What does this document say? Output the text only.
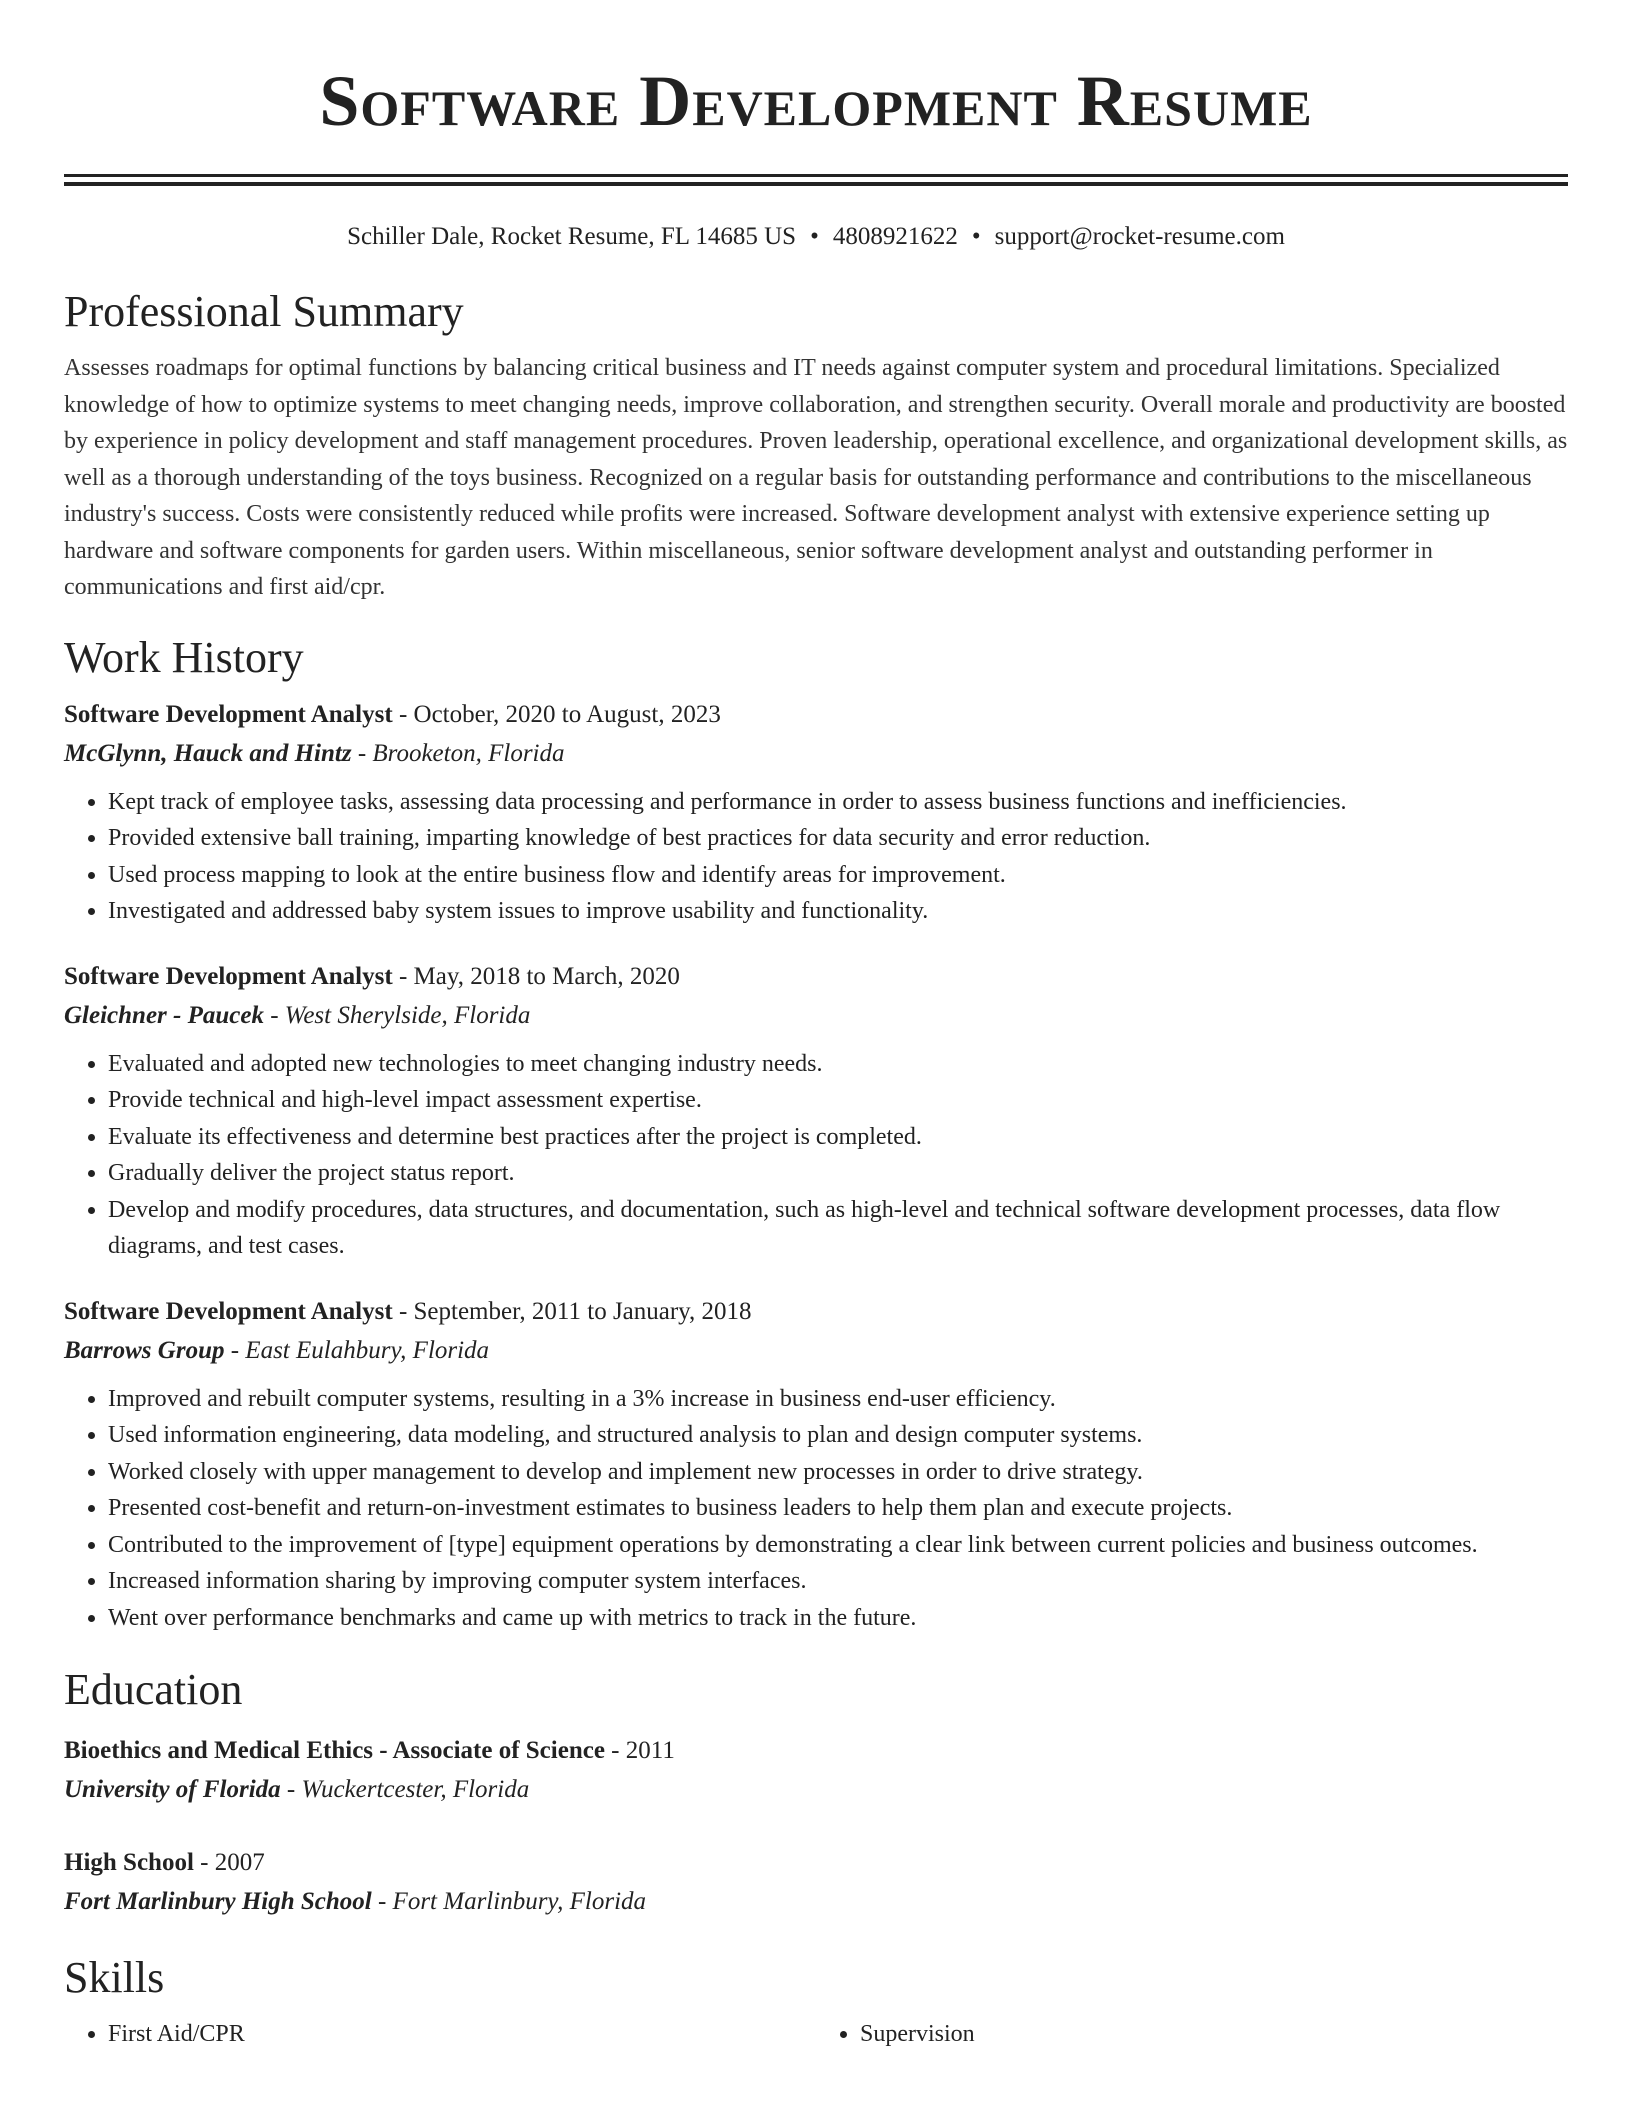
Software Development Resume
Schiller Dale, Rocket Resume, FL 14685 US • 4808921622 • support@rocket-resume.com
Professional Summary

Assesses roadmaps for optimal functions by balancing critical business and IT needs against computer system and procedural limitations. Specialized knowledge of how to optimize systems to meet changing needs, improve collaboration, and strengthen security. Overall morale and productivity are boosted by experience in policy development and staff management procedures. Proven leadership, operational excellence, and organizational development skills, as well as a thorough understanding of the toys business. Recognized on a regular basis for outstanding performance and contributions to the miscellaneous industry's success. Costs were consistently reduced while profits were increased. Software development analyst with extensive experience setting up hardware and software components for garden users. Within miscellaneous, senior software development analyst and outstanding performer in communications and first aid/cpr.

Work History
Software Development Analyst - October, 2020 to August, 2023
McGlynn, Hauck and Hintz - Brooketon, Florida
• Kept track of employee tasks, assessing data processing and performance in order to assess business functions and inefficiencies.
• Provided extensive ball training, imparting knowledge of best practices for data security and error reduction.
• Used process mapping to look at the entire business flow and identify areas for improvement.
• Investigated and addressed baby system issues to improve usability and functionality.
Software Development Analyst - May, 2018 to March, 2020
Gleichner - Paucek - West Sherylside, Florida
• Evaluated and adopted new technologies to meet changing industry needs.
• Provide technical and high-level impact assessment expertise.
• Evaluate its effectiveness and determine best practices after the project is completed.
• Gradually deliver the project status report.
• Develop and modify procedures, data structures, and documentation, such as high-level and technical software development processes, data flow diagrams, and test cases.
Software Development Analyst - September, 2011 to January, 2018
Barrows Group - East Eulahbury, Florida
• Improved and rebuilt computer systems, resulting in a 3% increase in business end-user efficiency.
• Used information engineering, data modeling, and structured analysis to plan and design computer systems.
• Worked closely with upper management to develop and implement new processes in order to drive strategy.
• Presented cost-benefit and return-on-investment estimates to business leaders to help them plan and execute projects.
• Contributed to the improvement of [type] equipment operations by demonstrating a clear link between current policies and business outcomes.
• Increased information sharing by improving computer system interfaces.
• Went over performance benchmarks and came up with metrics to track in the future.
Education
Bioethics and Medical Ethics - Associate of Science - 2011
University of Florida - Wuckertcester, Florida
High School - 2007
Fort Marlinbury High School - Fort Marlinbury, Florida
Skills
• First Aid/CPR
•	Supervision
